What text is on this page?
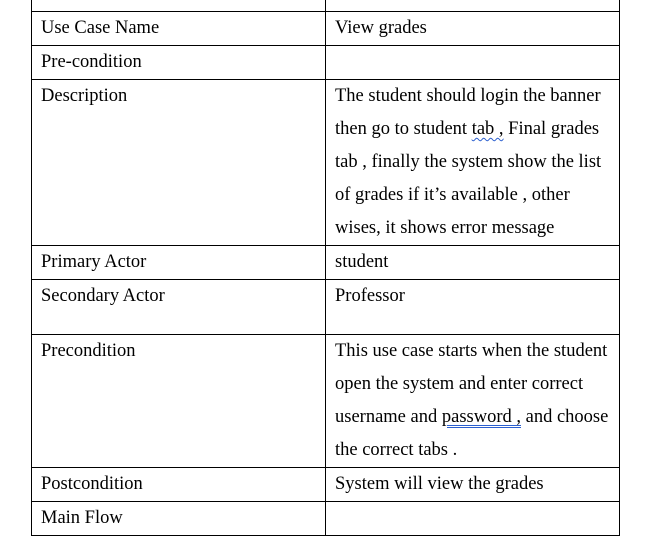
Use Case Name	View grades
Pre-condition	
Description	The student should login the banner then go to student tab , Final grades tab , finally the system show the list of grades if it’s available , other wises, it shows error message
Primary Actor	student
Secondary Actor	Professor
Precondition	This use case starts when the student open the system and enter correct username and password , and choose the correct tabs .
Postcondition	System will view the grades
Main Flow	
